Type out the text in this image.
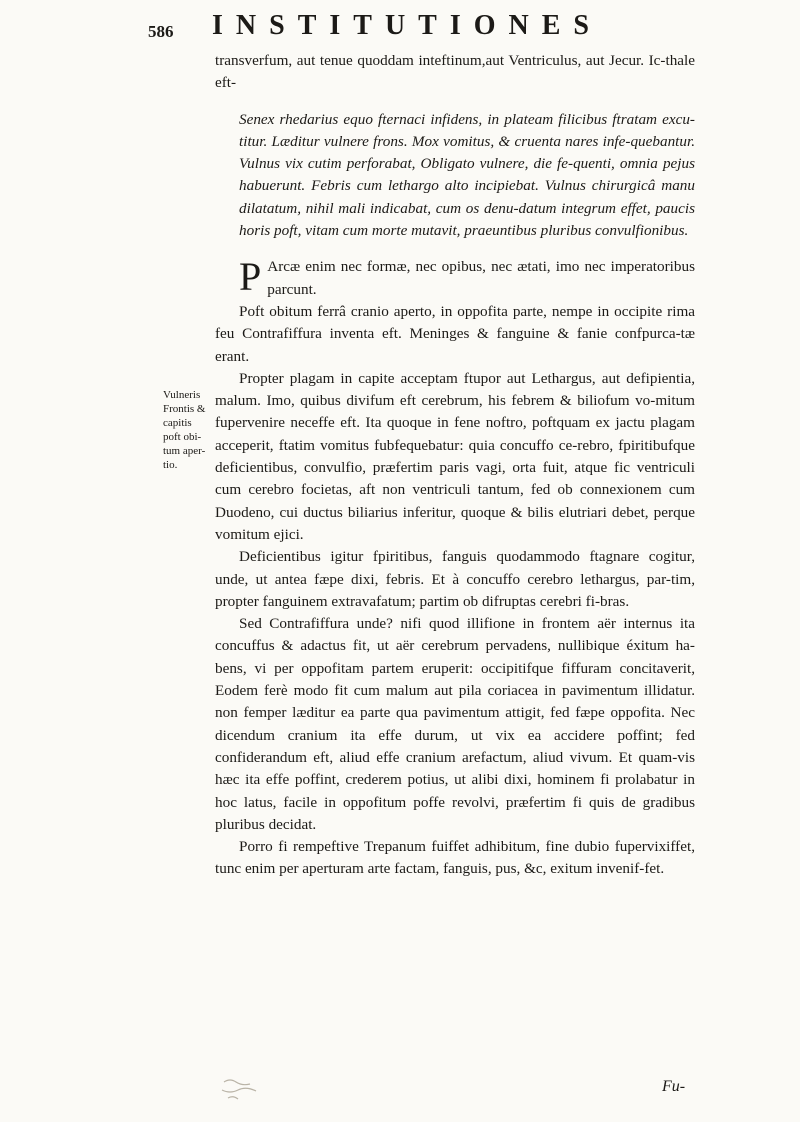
586 INSTITUTIONES
Vulneris Frontis & capitis poft obi-tum aper-tio.

transverfum, aut tenue quoddam inteftinum,aut Ventriculus, aut Jecur. Ic-thale eft-

Senex rhedarius equo fternaci infidens, in plateam filicibus ftratam excu-titur. Læditur vulnere frons. Mox vomitus, & cruenta nares infe-quebantur. Vulnus vix cutim perforabat, Obligato vulnere, die fe-quenti, omnia pejus habuerunt. Febris cum lethargo alto incipiebat. Vulnus chirurgicâ manu dilatatum, nihil mali indicabat, cum os denu-datum integrum effet, paucis horis poft, vitam cum morte mutavit, praeuntibus pluribus convulfionibus.

P Arcæ enim nec formæ, nec opibus, nec ætati, imo nec imperatoribus parcunt.

Poft obitum ferrâ cranio aperto, in oppofita parte, nempe in occipite rima feu Contrafiffura inventa eft. Meninges & fanguine & fanie confpurca-tæ erant.

Propter plagam in capite acceptam ftupor aut Lethargus, aut defipientia, malum. Imo, quibus divifum eft cerebrum, his febrem & biliofum vo-mitum fupervenire neceffe eft. Ita quoque in fene noftro, poftquam ex jactu plagam acceperit, ftatim vomitus fubfequebatur: quia concuffo ce-rebro, fpiritibufque deficientibus, convulfio, præfertim paris vagi, orta fuit, atque fic ventriculi cum cerebro focietas, aft non ventriculi tantum, fed ob connexionem cum Duodeno, cui ductus biliarius inferitur, quoque & bilis elutriari debet, perque vomitum ejici.

Deficientibus igitur fpiritibus, fanguis quodammodo ftagnare cogitur, unde, ut antea fæpe dixi, febris. Et à concuffo cerebro lethargus, par-tim, propter fanguinem extravafatum; partim ob difruptas cerebri fi-bras.

Sed Contrafiffura unde? nifi quod illifione in frontem aër internus ita concuffus & adactus fit, ut aër cerebrum pervadens, nullibique éxitum ha-bens, vi per oppofitam partem eruperit: occipitifque fiffuram concitaverit, Eodem ferè modo fit cum malum aut pila coriacea in pavimentum illidatur. non femper læditur ea parte qua pavimentum attigit, fed fæpe oppofita. Nec dicendum cranium ita effe durum, ut vix ea accidere poffint; fed confiderandum eft, aliud effe cranium arefactum, aliud vivum. Et quam-vis hæc ita effe poffint, crederem potius, ut alibi dixi, hominem fi prolabatur in hoc latus, facile in oppofitum poffe revolvi, præfertim fi quis de gradibus pluribus decidat.

Porro fi rempeftive Trepanum fuiffet adhibitum, fine dubio fupervixiffet, tunc enim per aperturam arte factam, fanguis, pus, &c, exitum invenif-fet.

Fu-
